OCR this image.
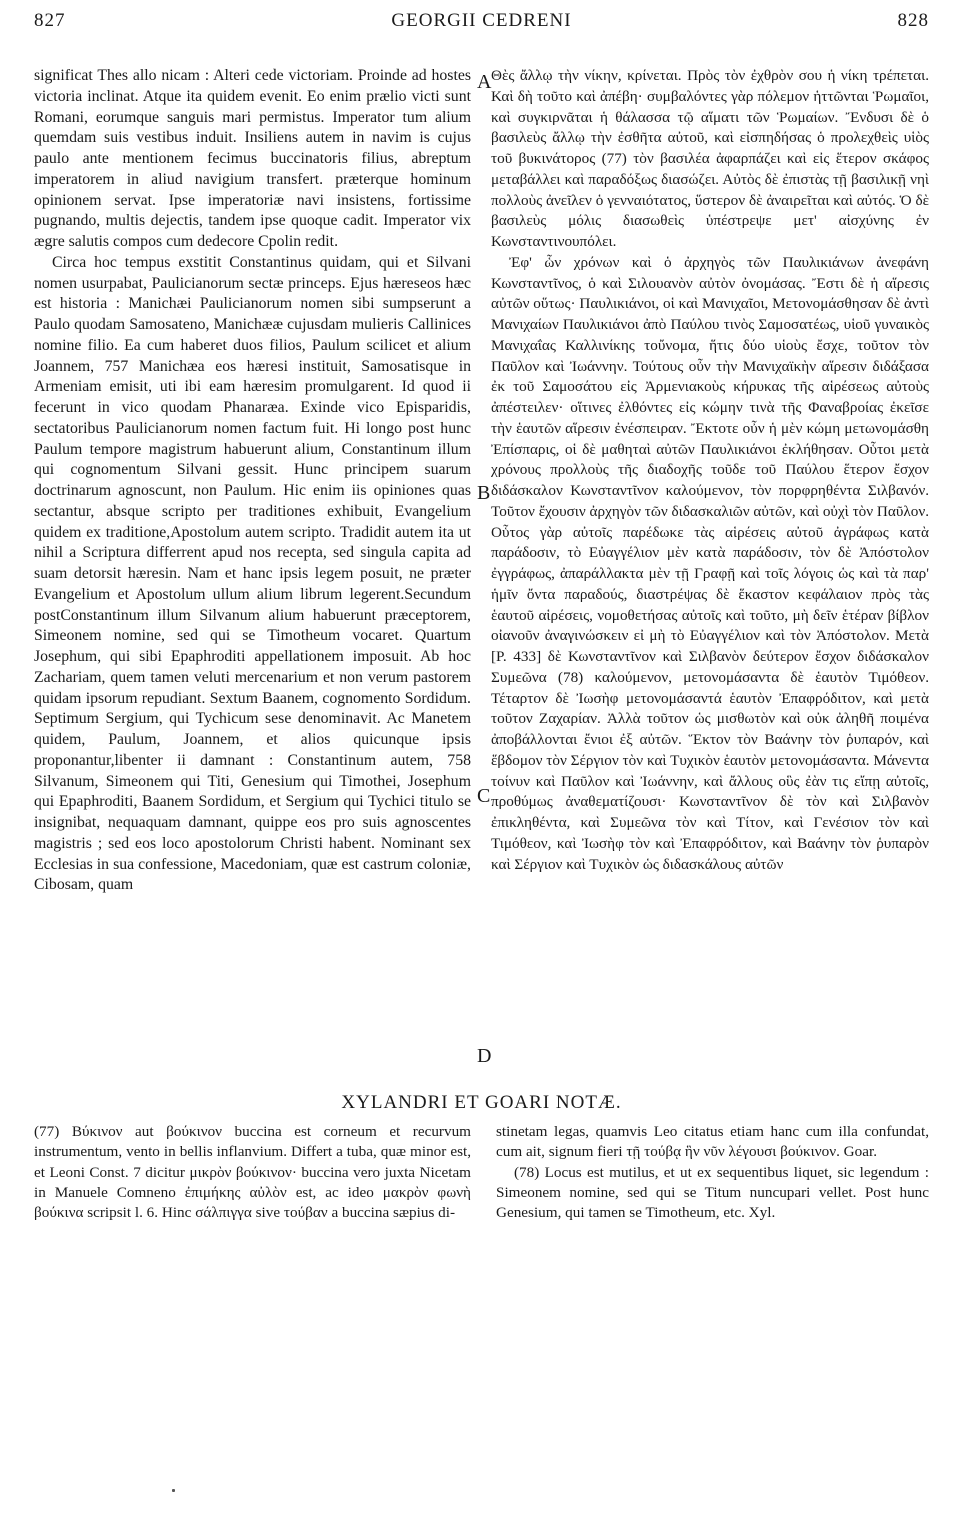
827	GEORGII CEDRENI	828

significat Thes allo nicam : Alteri cede victoriam. Proinde ad hostes victoria inclinat. Atque ita quidem evenit. Eo enim prælio victi sunt Romani, eorumque sanguis mari permistus. Imperator tum alium quemdam suis vestibus induit. Insiliens autem in navim is cujus paulo ante mentionem fecimus buccinatoris filius, abreptum imperatorem in aliud navigium transfert. præterque hominum opinionem servat. Ipse imperatoriæ navi insistens, fortissime pugnando, multis dejectis, tandem ipse quoque cadit. Imperator vix ægre salutis compos cum dedecore Cpolin redit.

Circa hoc tempus exstitit Constantinus quidam, qui et Silvani nomen usurpabat, Paulicianorum sectæ princeps. Ejus hæreseos hæc est historia : Manichæi Paulicianorum nomen sibi sumpserunt a Paulo quodam Samosateno, Manichææ cujusdam mulieris Callinices nomine filio. Ea cum haberet duos filios, Paulum scilicet et alium Joannem, 757 Manichæa eos hæresi instituit, Samosatisque in Armeniam emisit, uti ibi eam hæresim promulgarent. Id quod ii fecerunt in vico quodam Phanaræa. Exinde vico Episparidis, sectatoribus Paulicianorum nomen factum fuit. Hi longo post hunc Paulum tempore magistrum habuerunt alium, Constantinum illum qui cognomentum Silvani gessit. Hunc principem suarum doctrinarum agnoscunt, non Paulum. Hic enim iis opiniones quas sectantur, absque scripto per traditiones exhibuit, Evangelium quidem ex traditione,Apostolum autem scripto. Tradidit autem ita ut nihil a Scriptura differrent apud nos recepta, sed singula capita ad suam detorsit hæresin. Nam et hanc ipsis legem posuit, ne præter Evangelium et Apostolum ullum alium librum legerent.Secundum postConstantinum illum Silvanum alium habuerunt præceptorem, Simeonem nomine, sed qui se Timotheum vocaret. Quartum Josephum, qui sibi Epaphroditi appellationem imposuit. Ab hoc Zachariam, quem tamen veluti mercenarium et non verum pastorem quidam ipsorum repudiant. Sextum Baanem, cognomento Sordidum. Septimum Sergium, qui Tychicum sese denominavit. Ac Manetem quidem, Paulum, Joannem, et alios quicunque ipsis proponantur,libenter ii damnant : Constantinum autem, 758 Silvanum, Simeonem qui Titi, Genesium qui Timothei, Josephum qui Epaphroditi, Baanem Sordidum, et Sergium qui Tychici titulo se insignibat, nequaquam damnant, quippe eos pro suis agnoscentes magistris ; sed eos loco apostolorum Christi habent. Nominant sex Ecclesias in sua confessione, Macedoniam, quæ est castrum coloniæ, Cibosam, quam

A
B
C
D

Θὲς ἄλλῳ τὴν νίκην, κρίνεται. Πρὸς τὸν ἐχθρὸν σου ἡ νίκη τρέπεται. Καὶ δὴ τοῦτο καὶ ἀπέβη· συμβαλόντες γὰρ πόλεμον ἡττῶνται Ῥωμαῖοι, καὶ συγκιρνᾶται ἡ θάλασσα τῷ αἵματι τῶν Ῥωμαίων. Ἔνδυσι δὲ ὁ βασιλεὺς ἄλλῳ τὴν ἐσθῆτα αὐτοῦ, καὶ εἰσπηδήσας ὁ προλεχθεὶς υἱὸς τοῦ βυκινάτορος (77) τὸν βασιλέα ἀφαρπάζει καὶ εἰς ἕτερον σκάφος μεταβάλλει καὶ παραδόξως διασώζει. Αὐτὸς δὲ ἐπιστὰς τῇ βασιλικῇ νηὶ πολλοὺς ἀνεῖλεν ὁ γενναιότατος, ὕστερον δὲ ἀναιρεῖται καὶ αὐτός. Ὁ δὲ βασιλεὺς μόλις διασωθεὶς ὑπέστρεψε μετ' αἰσχύνης ἐν Κωνσταντινουπόλει.

Ἐφ' ὧν χρόνων καὶ ὁ ἀρχηγὸς τῶν Παυλικιάνων ἀνεφάνη Κωνσταντῖνος, ὁ καὶ Σιλουανὸν αὐτὸν ὀνομάσας. Ἔστι δὲ ἡ αἵρεσις αὐτῶν οὕτως· Παυλικιάνοι, οἱ καὶ Μανιχαῖοι, Μετονομάσθησαν δὲ ἀντὶ Μανιχαίων Παυλικιάνοι ἀπὸ Παύλου τινὸς Σαμοσατέως, υἱοῦ γυναικὸς Μανιχαΐας Καλλινίκης τοὔνομα, ἥτις δύο υἱοὺς ἔσχε, τοῦτον τὸν Παῦλον καὶ Ἰωάννην. Τούτους οὖν τὴν Μανιχαϊκὴν αἵρεσιν διδάξασα ἐκ τοῦ Σαμοσάτου εἰς Ἀρμενιακοὺς κήρυκας τῆς αἱρέσεως αὐτοὺς ἀπέστειλεν· οἵτινες ἐλθόντες εἰς κώμην τινὰ τῆς Φαναβροίας ἐκεῖσε τὴν ἑαυτῶν αἵρεσιν ἐνέσπειραν. Ἔκτοτε οὖν ἡ μὲν κώμη μετωνομάσθη Ἐπίσπαρις, οἱ δὲ μαθηταὶ αὐτῶν Παυλικιάνοι ἐκλήθησαν. Οὗτοι μετὰ χρόνους προλλοὺς τῆς διαδοχῆς τοῦδε τοῦ Παύλου ἕτερον ἔσχον διδάσκαλον Κωνσταντῖνον καλούμενον, τὸν πορφρηθέντα Σιλβανόν. Τοῦτον ἔχουσιν ἀρχηγὸν τῶν διδασκαλιῶν αὐτῶν, καὶ οὐχὶ τὸν Παῦλον. Οὗτος γὰρ αὐτοῖς παρέδωκε τὰς αἱρέσεις αὐτοῦ ἀγράφως κατὰ παράδοσιν, τὸ Εὐαγγέλιον μὲν κατὰ παράδοσιν, τὸν δὲ Ἀπόστολον ἐγγράφως, ἀπαράλλακτα μὲν τῇ Γραφῇ καὶ τοῖς λόγοις ὡς καὶ τὰ παρ' ἡμῖν ὄντα παραδούς, διαστρέψας δὲ ἕκαστον κεφάλαιον πρὸς τὰς ἑαυτοῦ αἱρέσεις, νομοθετήσας αὐτοῖς καὶ τοῦτο, μὴ δεῖν ἑτέραν βίβλον οἰανοῦν ἀναγινώσκειν εἰ μὴ τὸ Εὐαγγέλιον καὶ τὸν Ἀπόστολον. Μετὰ [P. 433] δὲ Κωνσταντῖνον καὶ Σιλβανὸν δεύτερον ἔσχον διδάσκαλον Συμεῶνα (78) καλούμενον, μετονομάσαντα δὲ ἑαυτὸν Τιμόθεον. Τέταρτον δὲ Ἰωσὴφ μετονομάσαντά ἑαυτὸν Ἐπαφρόδιτον, καὶ μετὰ τοῦτον Ζαχαρίαν. Ἀλλὰ τοῦτον ὡς μισθωτὸν καὶ οὐκ ἀληθῆ ποιμένα ἀποβάλλονται ἔνιοι ἐξ αὐτῶν. Ἕκτον τὸν Βαάνην τὸν ῥυπαρόν, καὶ ἕβδομον τὸν Σέργιον τὸν καὶ Τυχικὸν ἑαυτὸν μετονομάσαντα. Μάνεντα τοίνυν καὶ Παῦλον καὶ Ἰωάννην, καὶ ἄλλους οὓς ἐὰν τις εἴπῃ αὐτοῖς, προθύμως ἀναθεματίζουσι· Κωνσταντῖνον δὲ τὸν καὶ Σιλβανὸν ἐπικληθέντα, καὶ Συμεῶνα τὸν καὶ Τίτον, καὶ Γενέσιον τὸν καὶ Τιμόθεον, καὶ Ἰωσὴφ τὸν καὶ Ἐπαφρόδιτον, καὶ Βαάνην τὸν ῥυπαρὸν καὶ Σέργιον καὶ Τυχικὸν ὡς διδασκάλους αὐτῶν

XYLANDRI ET GOARI NOTÆ.

(77) Βύκινον aut βούκινον buccina est corneum et recurvum instrumentum, vento in bellis inflanvium. Differt a tuba, quæ minor est, et Leoni Const. 7 dicitur μικρὸν βούκινον· buccina vero juxta Nicetam in Manuele Comneno ἐπιμήκης αὐλὸν est, ac ideo μακρὸν φωνὴ βούκινα scripsit l. 6. Hinc σάλπιγγα sive τούβαν a buccina sæpius di-

stinetam legas, quamvis Leo citatus etiam hanc cum illa confundat, cum ait, signum fieri τῇ τούβᾳ ἣν νῦν λέγουσι βούκινον. Goar.

(78) Locus est mutilus, et ut ex sequentibus liquet, sic legendum : Simeonem nomine, sed qui se Titum nuncupari vellet. Post hunc Genesium, qui tamen se Timotheum, etc. Xyl.
